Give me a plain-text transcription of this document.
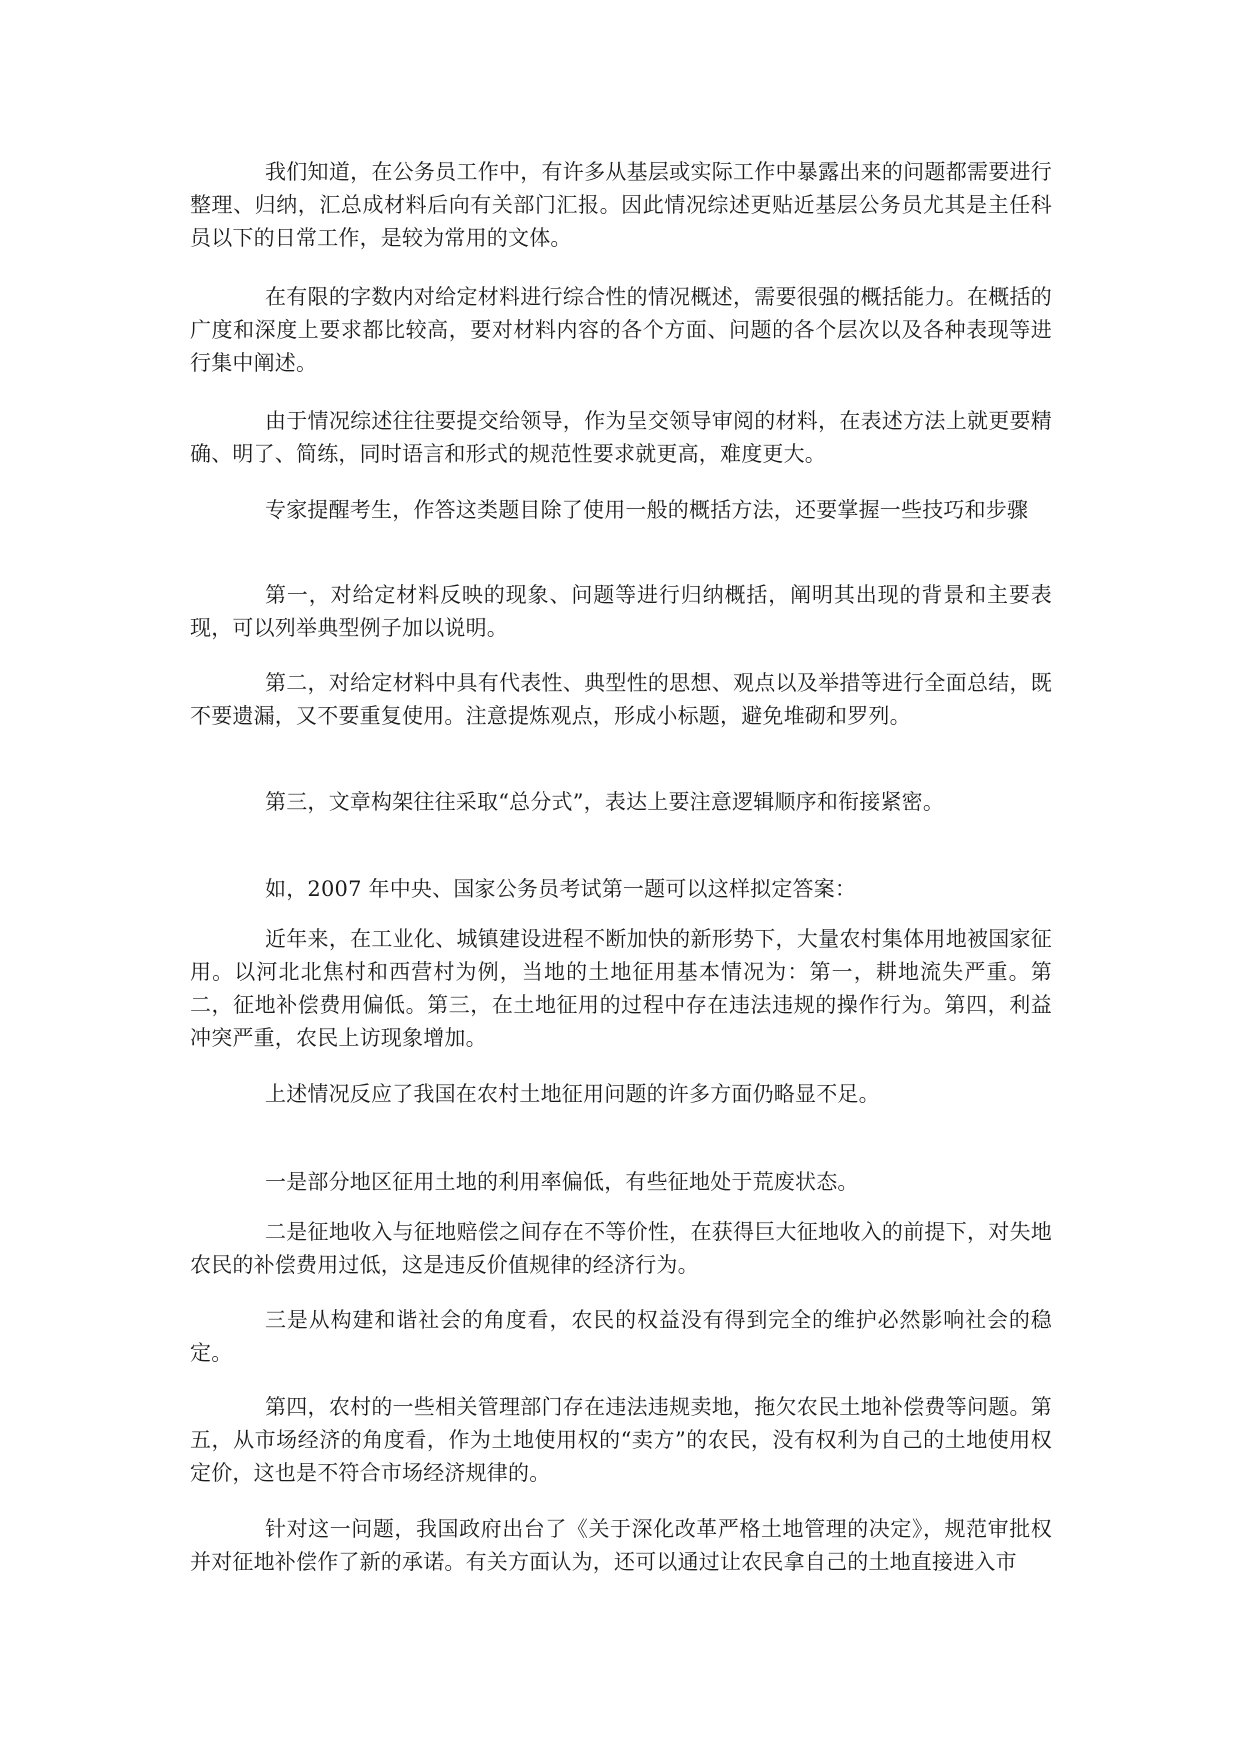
我们知道，在公务员工作中，有许多从基层或实际工作中暴露出来的问题都需要进行整理、归纳，汇总成材料后向有关部门汇报。因此情况综述更贴近基层公务员尤其是主任科员以下的日常工作，是较为常用的文体。

在有限的字数内对给定材料进行综合性的情况概述，需要很强的概括能力。在概括的广度和深度上要求都比较高，要对材料内容的各个方面、问题的各个层次以及各种表现等进行集中阐述。

由于情况综述往往要提交给领导，作为呈交领导审阅的材料，在表述方法上就更要精确、明了、简练，同时语言和形式的规范性要求就更高，难度更大。

专家提醒考生，作答这类题目除了使用一般的概括方法，还要掌握一些技巧和步骤

第一，对给定材料反映的现象、问题等进行归纳概括，阐明其出现的背景和主要表现，可以列举典型例子加以说明。

第二，对给定材料中具有代表性、典型性的思想、观点以及举措等进行全面总结，既不要遗漏，又不要重复使用。注意提炼观点，形成小标题，避免堆砌和罗列。

第三，文章构架往往采取“总分式”，表达上要注意逻辑顺序和衔接紧密。

如，2007 年中央、国家公务员考试第一题可以这样拟定答案：

近年来，在工业化、城镇建设进程不断加快的新形势下，大量农村集体用地被国家征用。以河北北焦村和西营村为例，当地的土地征用基本情况为：第一，耕地流失严重。第二，征地补偿费用偏低。第三，在土地征用的过程中存在违法违规的操作行为。第四，利益冲突严重，农民上访现象增加。

上述情况反应了我国在农村土地征用问题的许多方面仍略显不足。

一是部分地区征用土地的利用率偏低，有些征地处于荒废状态。

二是征地收入与征地赔偿之间存在不等价性，在获得巨大征地收入的前提下，对失地农民的补偿费用过低，这是违反价值规律的经济行为。

三是从构建和谐社会的角度看，农民的权益没有得到完全的维护必然影响社会的稳定。

第四，农村的一些相关管理部门存在违法违规卖地，拖欠农民土地补偿费等问题。第五，从市场经济的角度看，作为土地使用权的“卖方”的农民，没有权利为自己的土地使用权定价，这也是不符合市场经济规律的。

针对这一问题，我国政府出台了《关于深化改革严格土地管理的决定》，规范审批权并对征地补偿作了新的承诺。有关方面认为，还可以通过让农民拿自己的土地直接进入市
